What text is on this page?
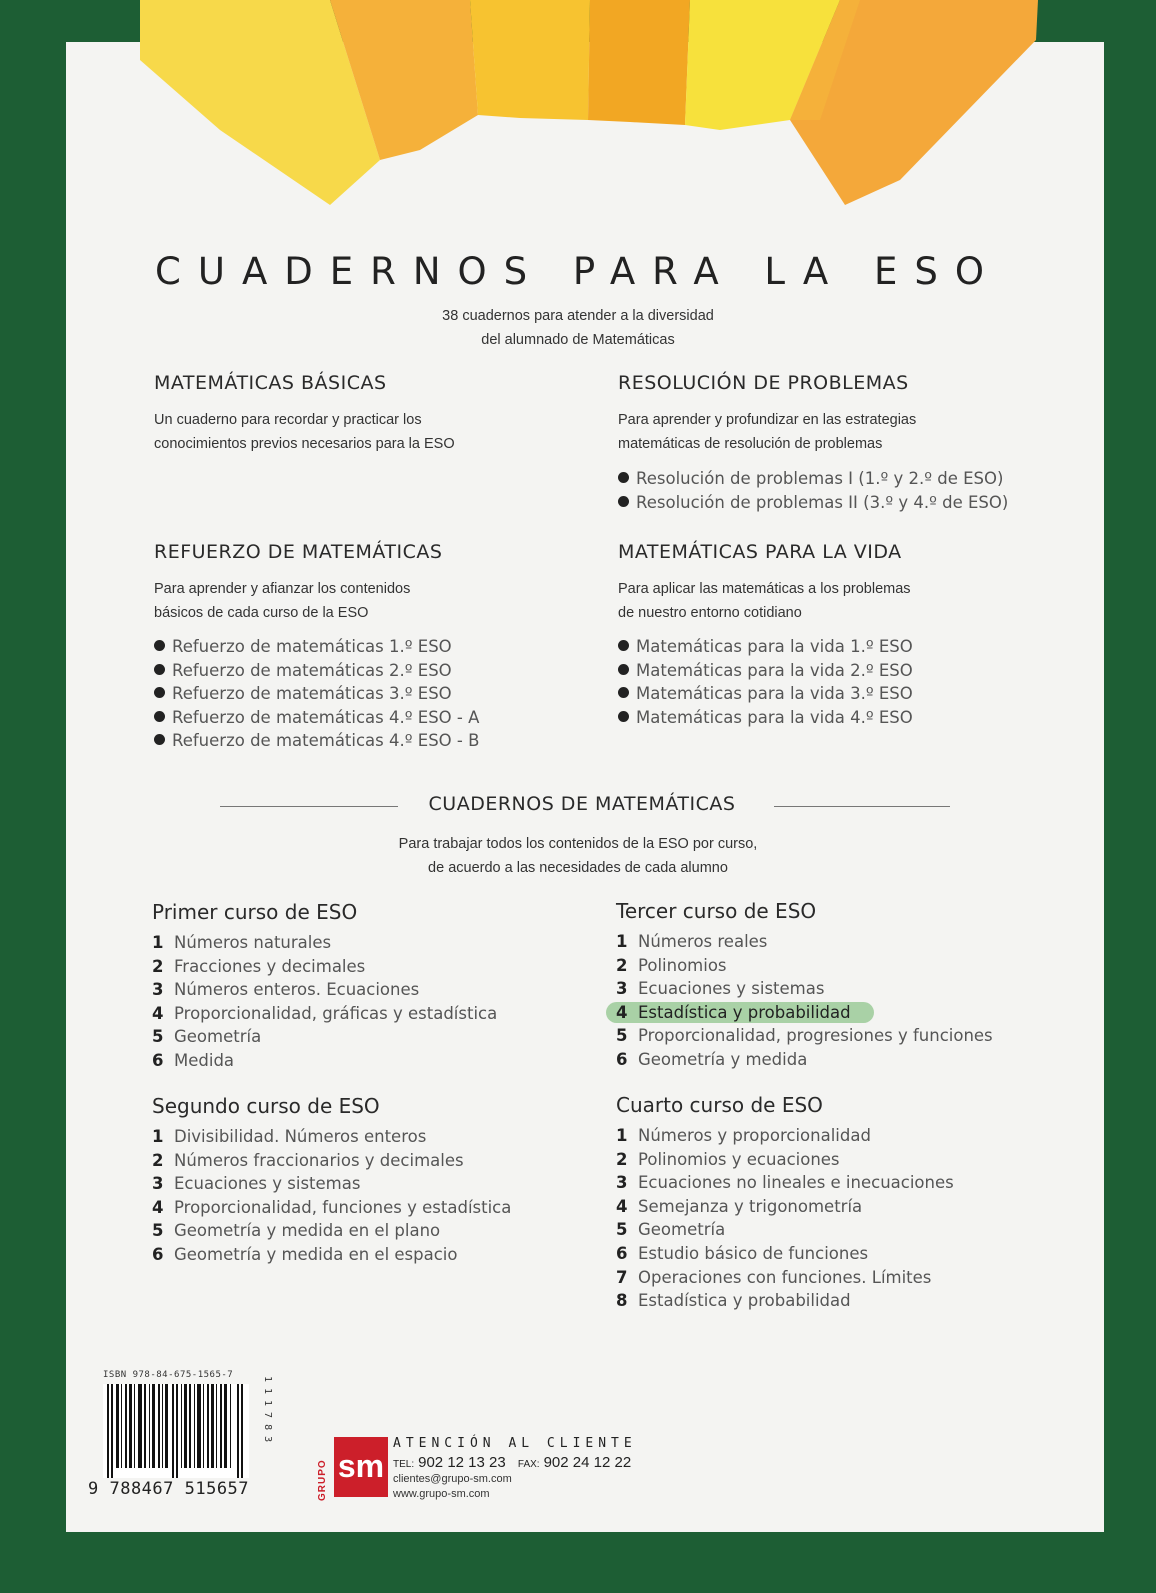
CUADERNOS PARA LA ESO
38 cuadernos para atender a la diversidad
del alumnado de Matemáticas
MATEMÁTICAS BÁSICAS
Un cuaderno para recordar y practicar los
conocimientos previos necesarios para la ESO
RESOLUCIÓN DE PROBLEMAS
Para aprender y profundizar en las estrategias
matemáticas de resolución de problemas
Resolución de problemas I (1.º y 2.º de ESO)
Resolución de problemas II (3.º y 4.º de ESO)
REFUERZO DE MATEMÁTICAS
Para aprender y afianzar los contenidos
básicos de cada curso de la ESO
Refuerzo de matemáticas 1.º ESO
Refuerzo de matemáticas 2.º ESO
Refuerzo de matemáticas 3.º ESO
Refuerzo de matemáticas 4.º ESO - A
Refuerzo de matemáticas 4.º ESO - B
MATEMÁTICAS PARA LA VIDA
Para aplicar las matemáticas a los problemas
de nuestro entorno cotidiano
Matemáticas para la vida 1.º ESO
Matemáticas para la vida 2.º ESO
Matemáticas para la vida 3.º ESO
Matemáticas para la vida 4.º ESO
CUADERNOS DE MATEMÁTICAS
Para trabajar todos los contenidos de la ESO por curso,
de acuerdo a las necesidades de cada alumno
Primer curso de ESO
1 Números naturales
2 Fracciones y decimales
3 Números enteros. Ecuaciones
4 Proporcionalidad, gráficas y estadística
5 Geometría
6 Medida
Segundo curso de ESO
1 Divisibilidad. Números enteros
2 Números fraccionarios y decimales
3 Ecuaciones y sistemas
4 Proporcionalidad, funciones y estadística
5 Geometría y medida en el plano
6 Geometría y medida en el espacio
Tercer curso de ESO
1 Números reales
2 Polinomios
3 Ecuaciones y sistemas
4 Estadística y probabilidad
5 Proporcionalidad, progresiones y funciones
6 Geometría y medida
Cuarto curso de ESO
1 Números y proporcionalidad
2 Polinomios y ecuaciones
3 Ecuaciones no lineales e inecuaciones
4 Semejanza y trigonometría
5 Geometría
6 Estudio básico de funciones
7 Operaciones con funciones. Límites
8 Estadística y probabilidad
ISBN 978-84-675-1565-7
9 788467 515657
111783
GRUPO sm
ATENCIÓN AL CLIENTE
TEL: 902 12 13 23 FAX: 902 24 12 22
clientes@grupo-sm.com
www.grupo-sm.com
